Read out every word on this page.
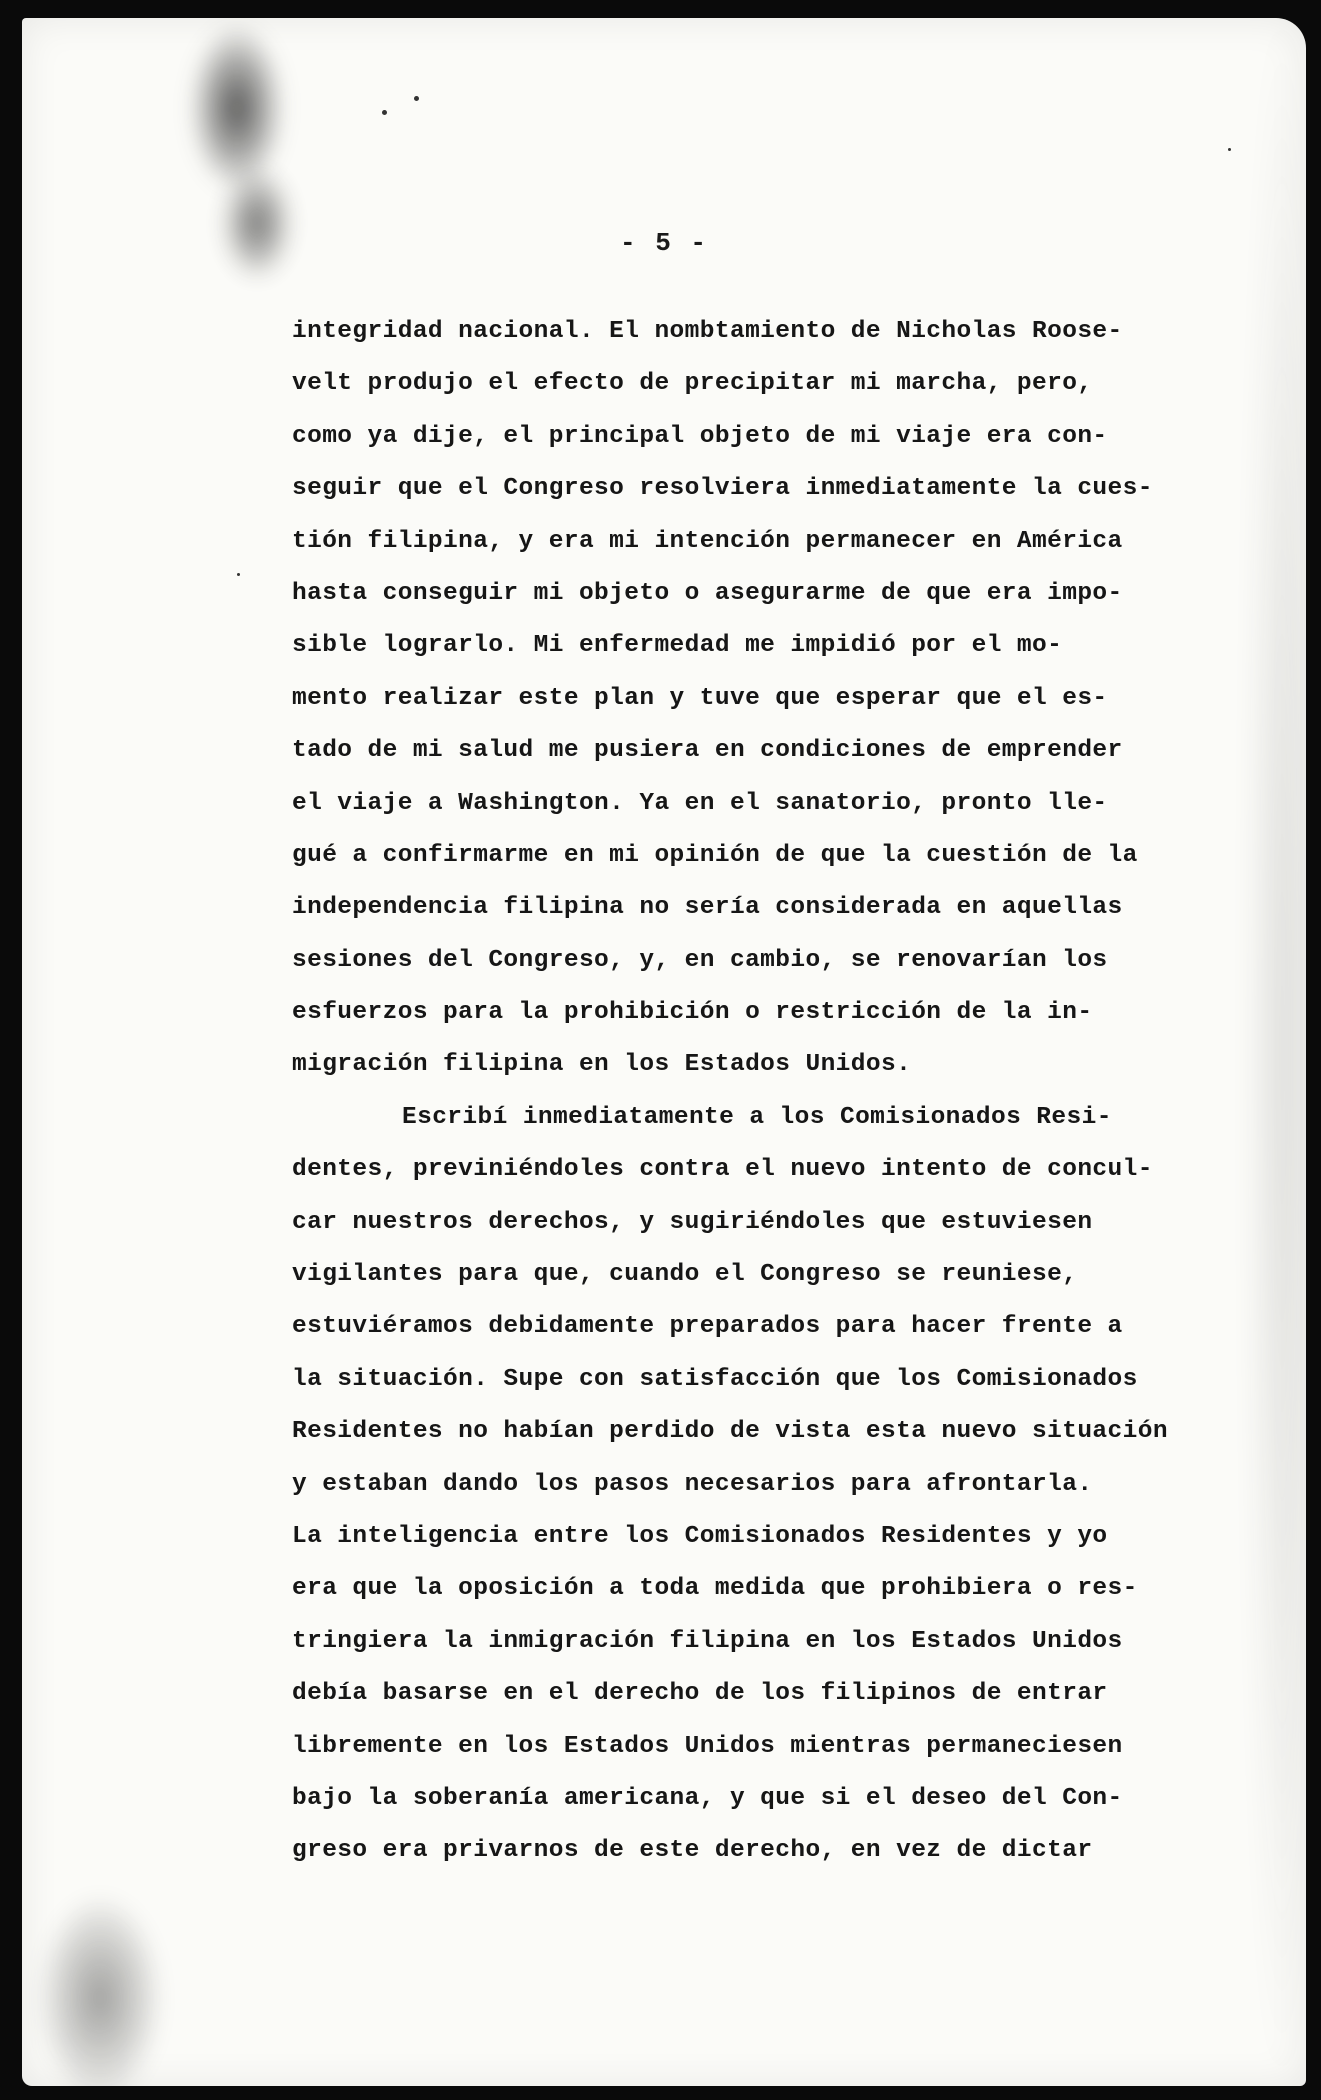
- 5 -
integridad nacional. El nombtamiento de Nicholas Roose-
velt produjo el efecto de precipitar mi marcha, pero,
como ya dije, el principal objeto de mi viaje era con-
seguir que el Congreso resolviera inmediatamente la cues-
tión filipina, y era mi intención permanecer en América
hasta conseguir mi objeto o asegurarme de que era impo-
sible lograrlo. Mi enfermedad me impidió por el mo-
mento realizar este plan y tuve que esperar que el es-
tado de mi salud me pusiera en condiciones de emprender
el viaje a Washington. Ya en el sanatorio, pronto lle-
gué a confirmarme en mi opinión de que la cuestión de la
independencia filipina no sería considerada en aquellas
sesiones del Congreso, y, en cambio, se renovarían los
esfuerzos para la prohibición o restricción de la in-
migración filipina en los Estados Unidos.
Escribí inmediatamente a los Comisionados Resi-
dentes, previniéndoles contra el nuevo intento de concul-
car nuestros derechos, y sugiriéndoles que estuviesen
vigilantes para que, cuando el Congreso se reuniese,
estuviéramos debidamente preparados para hacer frente a
la situación. Supe con satisfacción que los Comisionados
Residentes no habían perdido de vista esta nuevo situación
y estaban dando los pasos necesarios para afrontarla.
La inteligencia entre los Comisionados Residentes y yo
era que la oposición a toda medida que prohibiera o res-
tringiera la inmigración filipina en los Estados Unidos
debía basarse en el derecho de los filipinos de entrar
libremente en los Estados Unidos mientras permaneciesen
bajo la soberanía americana, y que si el deseo del Con-
greso era privarnos de este derecho, en vez de dictar
